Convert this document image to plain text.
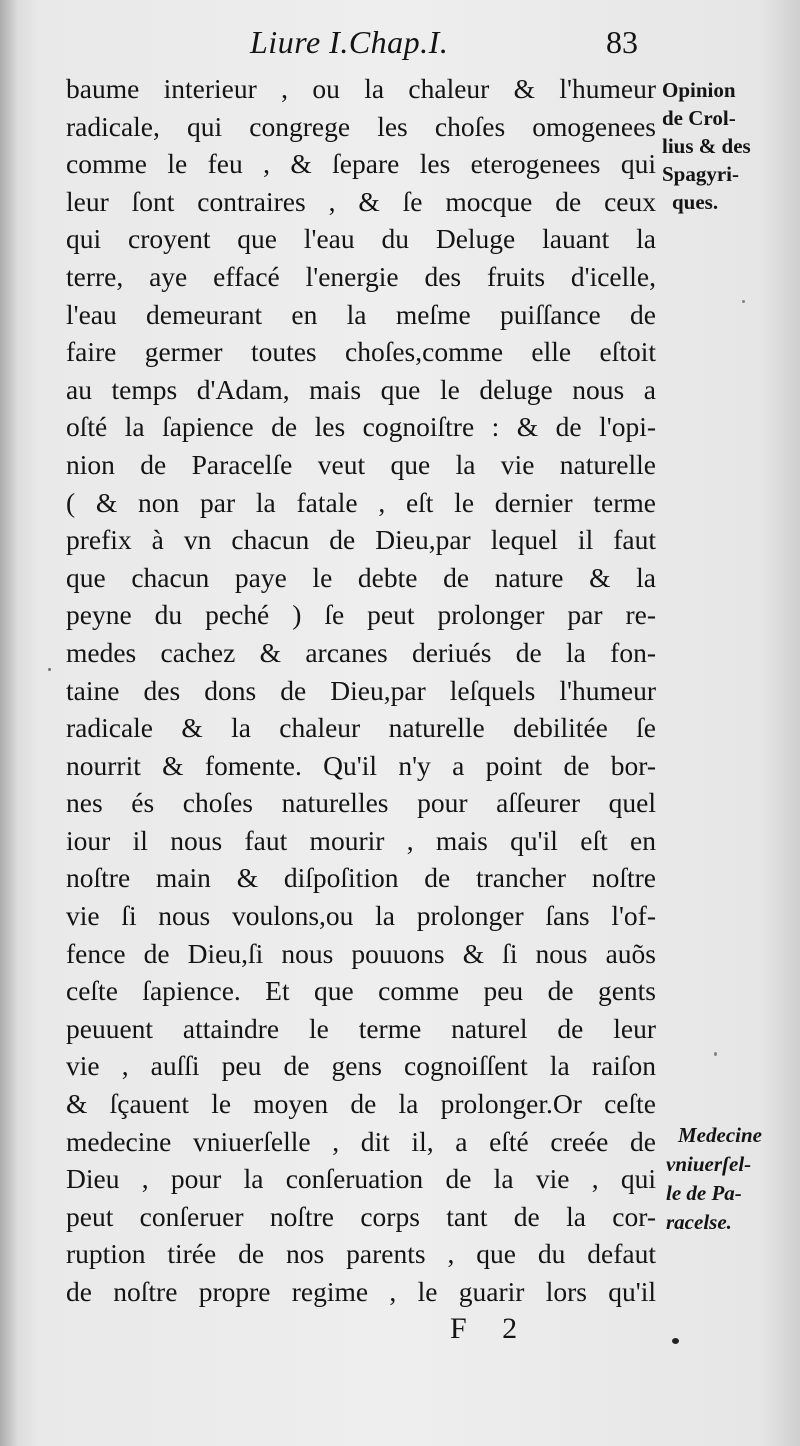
Liure I.Chap.I.	83
baume interieur , ou la chaleur & l'humeur
radicale, qui congrege les choſes omogenees
comme le feu , & ſepare les eterogenees qui
leur ſont contraires , & ſe mocque de ceux
qui croyent que l'eau du Deluge lauant la
terre, aye effacé l'energie des fruits d'icelle,
l'eau demeurant en la meſme puiſſance de
faire germer toutes choſes,comme elle eſtoit
au temps d'Adam, mais que le deluge nous a
oſté la ſapience de les cognoiſtre : & de l'opi-
nion de Paracelſe veut que la vie naturelle
( & non par la fatale , eſt le dernier terme
prefix à vn chacun de Dieu,par lequel il faut
que chacun paye le debte de nature & la
peyne du peché ) ſe peut prolonger par re-
medes cachez & arcanes deriués de la fon-
taine des dons de Dieu,par leſquels l'humeur
radicale & la chaleur naturelle debilitée ſe
nourrit & fomente. Qu'il n'y a point de bor-
nes és choſes naturelles pour aſſeurer quel
iour il nous faut mourir , mais qu'il eſt en
noſtre main & diſpoſition de trancher noſtre
vie ſi nous voulons,ou la prolonger ſans l'of-
fence de Dieu,ſi nous pouuons & ſi nous auõs
ceſte ſapience. Et que comme peu de gents
peuuent attaindre le terme naturel de leur
vie , auſſi peu de gens cognoiſſent la raiſon
& ſçauent le moyen de la prolonger.Or ceſte
medecine vniuerſelle , dit il, a eſté creée de
Dieu , pour la conſeruation de la vie , qui
peut conſeruer noſtre corps tant de la cor-
ruption tirée de nos parents , que du defaut
de noſtre propre regime , le guarir lors qu'il
Opinion
de Crol-
lius & des
Spagyri-
ques.
Medecine
vniuerſel-
le de Pa-
racelse.
F 2
